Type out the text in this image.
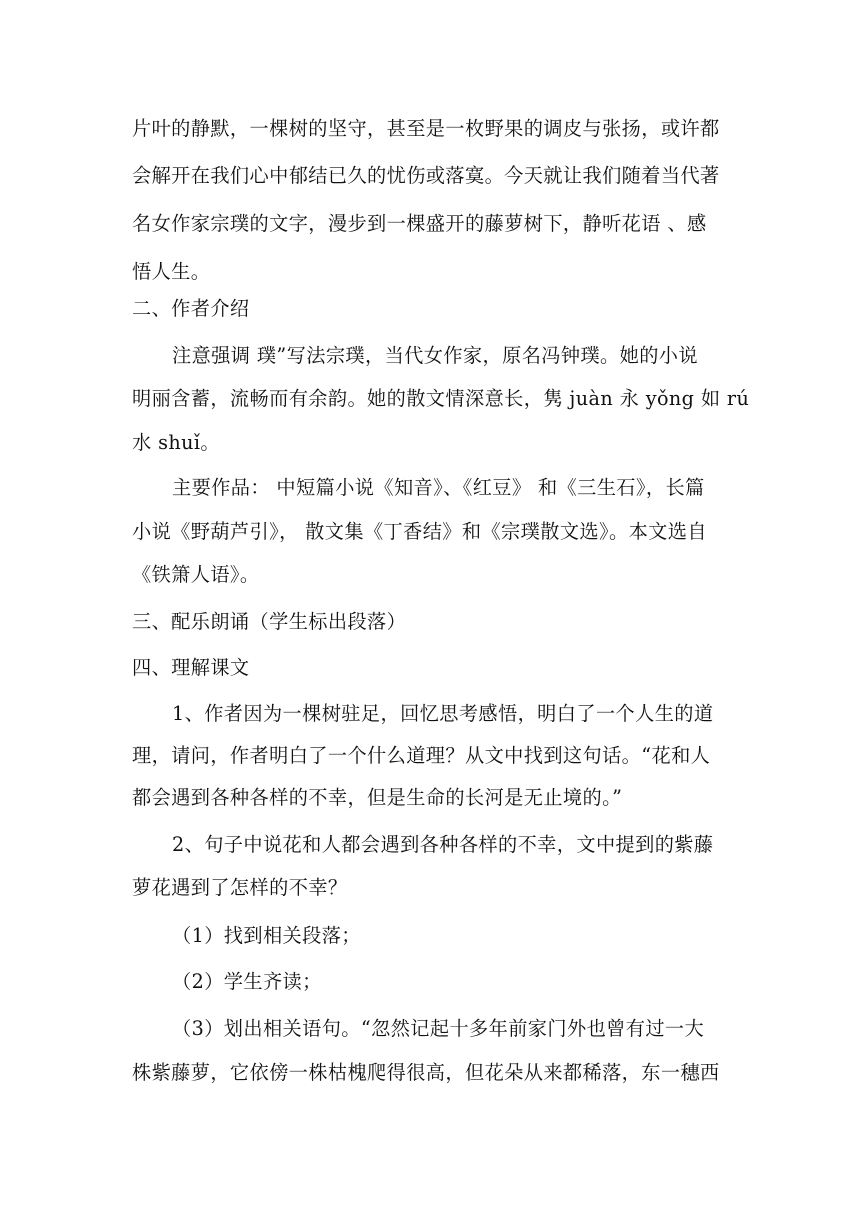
片叶的静默，一棵树的坚守，甚至是一枚野果的调皮与张扬，或许都
会解开在我们心中郁结已久的忧伤或落寞。今天就让我们随着当代著
名女作家宗璞的文字，漫步到一棵盛开的藤萝树下，静听花语 、感
悟人生。
二、作者介绍
注意强调 璞”写法宗璞，当代女作家，原名冯钟璞。她的小说
明丽含蓄，流畅而有余韵。她的散文情深意长，隽 juàn 永 yǒng 如 rú
水 shuǐ。
主要作品： 中短篇小说《知音》、《红豆》 和《三生石》，长篇
小说《野葫芦引》， 散文集《丁香结》和《宗璞散文选》。本文选自
《铁箫人语》。
三、配乐朗诵（学生标出段落）
四、理解课文
1、作者因为一棵树驻足，回忆思考感悟，明白了一个人生的道
理，请问，作者明白了一个什么道理？从文中找到这句话。“花和人
都会遇到各种各样的不幸，但是生命的长河是无止境的。”
2、句子中说花和人都会遇到各种各样的不幸，文中提到的紫藤
萝花遇到了怎样的不幸？
（1）找到相关段落；
（2）学生齐读；
（3）划出相关语句。“忽然记起十多年前家门外也曾有过一大
株紫藤萝，它依傍一株枯槐爬得很高，但花朵从来都稀落，东一穗西
